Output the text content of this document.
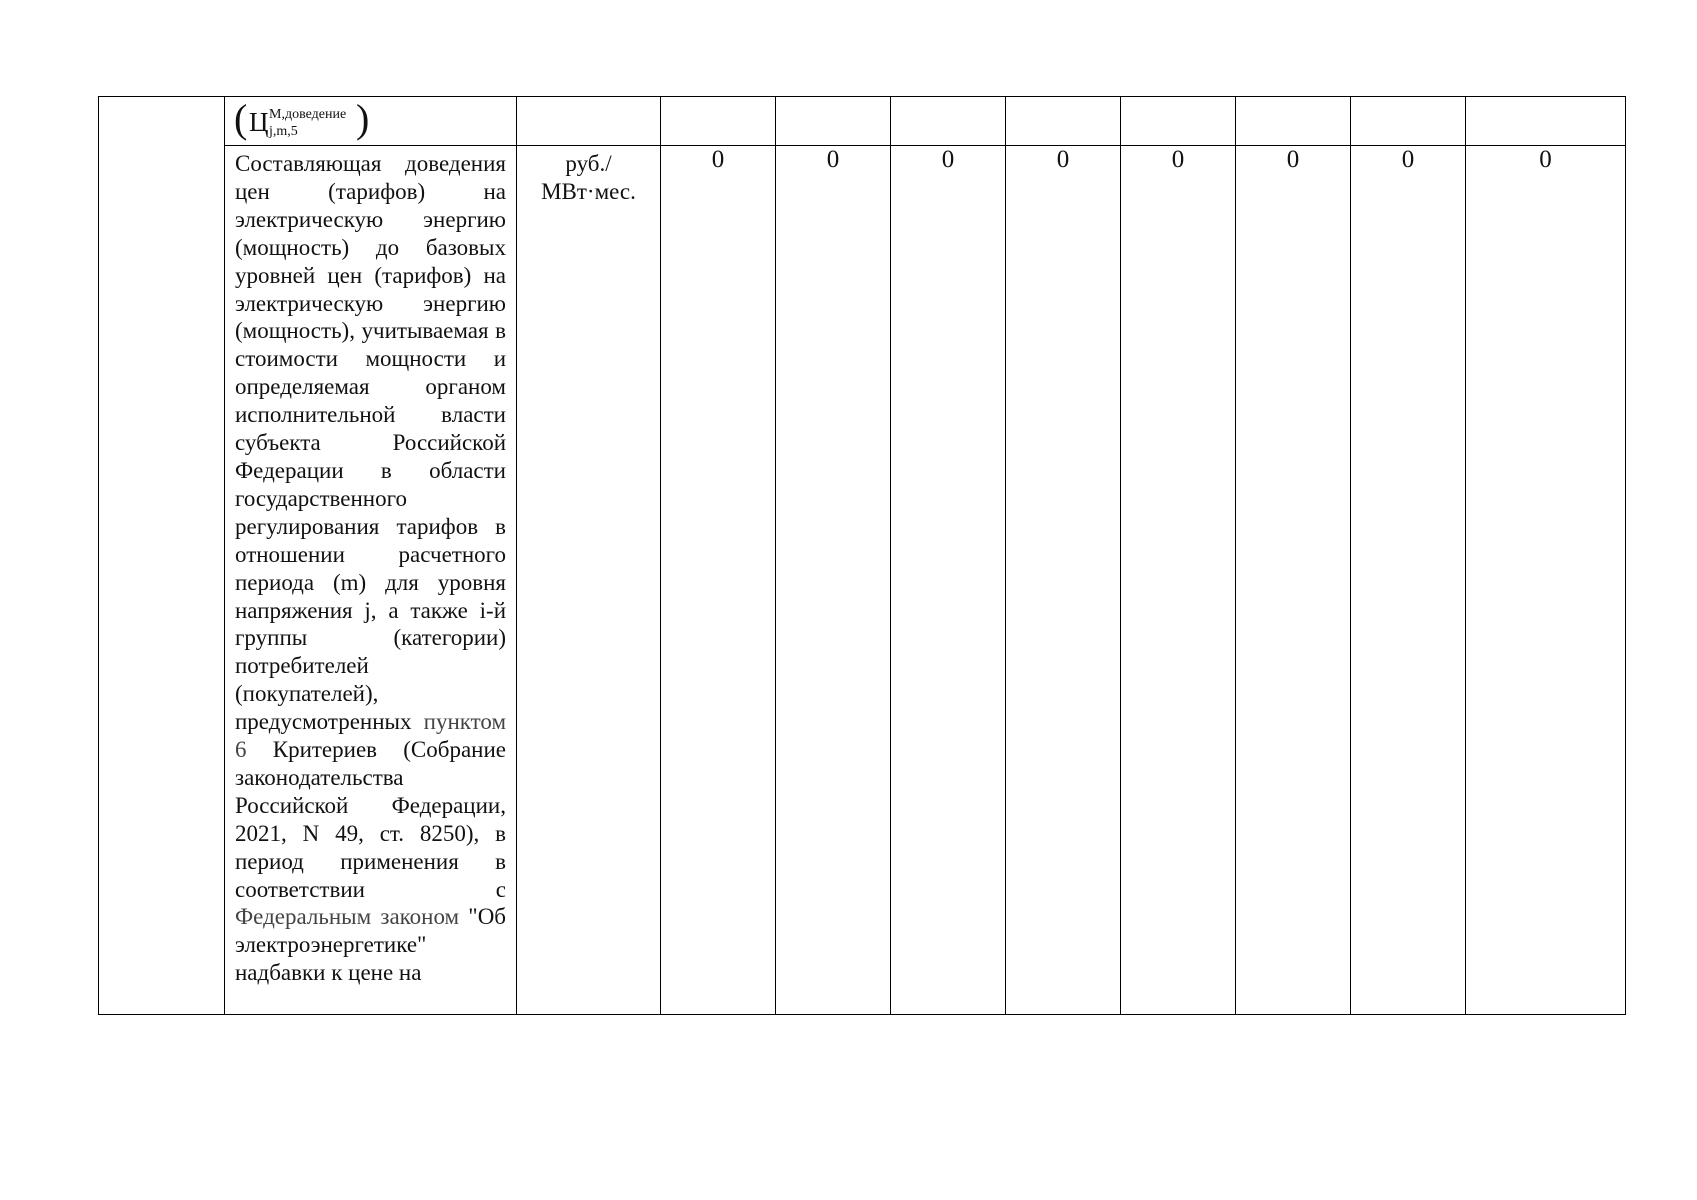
	( Ц М,доведение
j,m,5 )									

	Составляющая доведения цен (тарифов) на электрическую энергию (мощность) до базовых уровней цен (тарифов) на электрическую энергию (мощность), учитываемая в стоимости мощности и определяемая органом исполнительной власти субъекта Российской Федерации в области государственного регулирования тарифов в отношении расчетного периода (m) для уровня напряжения j, а также i-й группы (категории) потребителей (покупателей), предусмотренных пунктом 6 Критериев (Собрание законодательства Российской Федерации, 2021, N 49, ст. 8250), в период применения в соответствии с Федеральным законом "Об электроэнергетике" надбавки к цене на	руб./МВт·мес.	0	0	0	0	0	0	0	0
